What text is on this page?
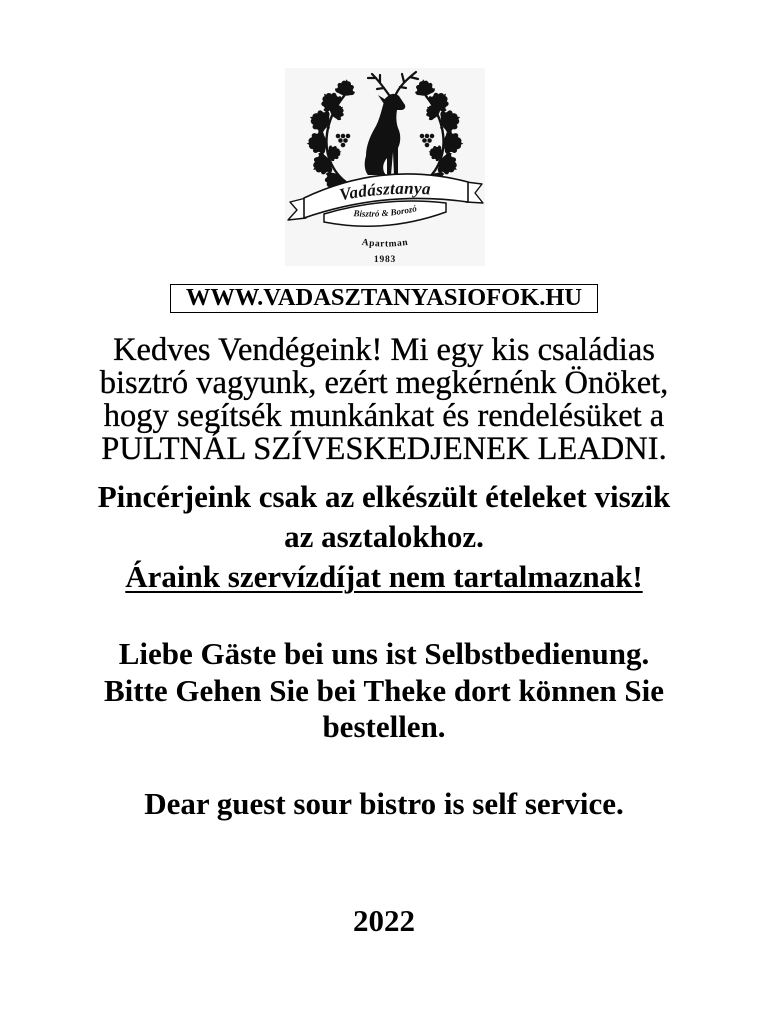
Vadásztanya
Bisztró & Borozó
Apartman
1983
WWW.VADASZTANYASIOFOK.HU
Kedves Vendégeink! Mi egy kis családias
bisztró vagyunk, ezért megkérnénk Önöket,
hogy segítsék munkánkat és rendelésüket a
PULTNÁL SZÍVESKEDJENEK LEADNI.
Pincérjeink csak az elkészült ételeket viszik
az asztalokhoz.
Áraink szervízdíjat nem tartalmaznak!
Liebe Gäste bei uns ist Selbstbedienung.
Bitte Gehen Sie bei Theke dort können Sie
bestellen.
Dear guest sour bistro is self service.
2022
